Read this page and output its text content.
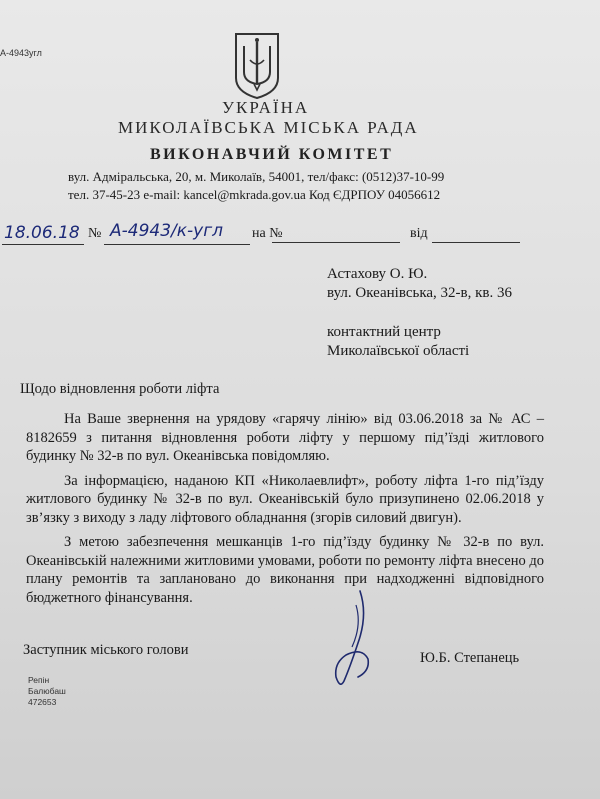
А-4943угл
УКРАЇНА
МИКОЛАЇВСЬКА МІСЬКА РАДА
ВИКОНАВЧИЙ КОМІТЕТ
вул. Адміральська, 20, м. Миколаїв, 54001, тел/факс: (0512)37-10-99
тел. 37-45-23 e-mail: kancel@mkrada.gov.ua Код ЄДРПОУ 04056612
18.06.18 № А-4943/к-угл на №	від
Астахову О. Ю.
вул. Океанівська, 32-в, кв. 36
контактний центр
Миколаївської області
Щодо відновлення роботи ліфта

На Ваше звернення на урядову «гарячу лінію» від 03.06.2018 за № АС – 8182659 з питання відновлення роботи ліфту у першому під’їзді житлового будинку № 32-в по вул. Океанівська повідомляю.

За інформацією, наданою КП «Николаевлифт», роботу ліфта 1-го під’їзду житлового будинку № 32-в по вул. Океанівській було призупинено 02.06.2018 у зв’язку з виходу з ладу ліфтового обладнання (згорів силовий двигун).

З метою забезпечення мешканців 1-го під’їзду будинку № 32-в по вул. Океанівській належними житловими умовами, роботи по ремонту ліфта внесено до плану ремонтів та заплановано до виконання при надходженні відповідного бюджетного фінансування.

Заступник міського голови	Ю.Б. Степанець
Репін
Балюбаш
472653
